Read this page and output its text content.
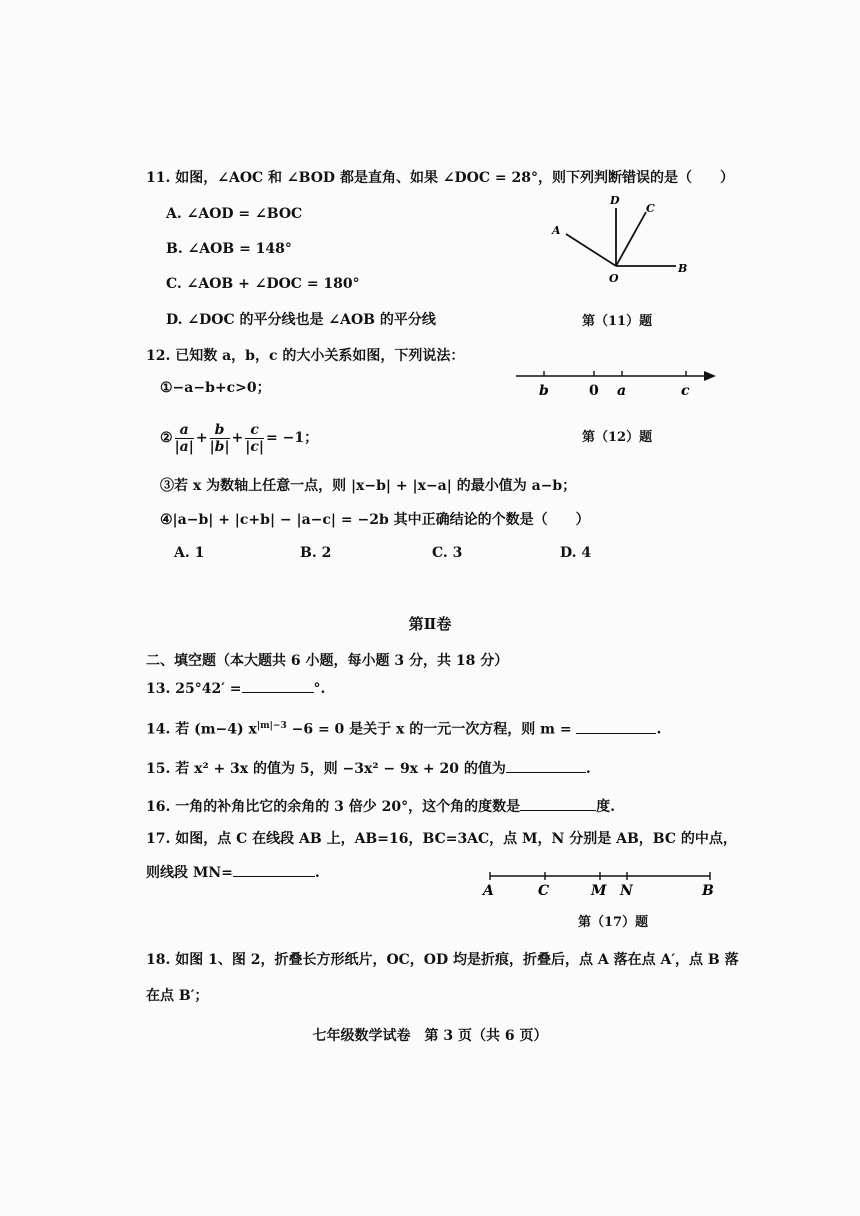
11. 如图，∠AOC 和 ∠BOD 都是直角、如果 ∠DOC = 28°，则下列判断错误的是（　　）
A. ∠AOD = ∠BOC
B. ∠AOB = 148°
C. ∠AOB + ∠DOC = 180°
D. ∠DOC 的平分线也是 ∠AOB 的平分线
D
C
A
O
B
第（11）题
12. 已知数 a，b，c 的大小关系如图，下列说法：
①−a−b+c>0；
② $\frac{a}{|a|} + \frac{b}{|b|} + \frac{c}{|c|} = -1$；
b	0 a	c
第（12）题
③若 x 为数轴上任意一点，则 |x−b| + |x−a| 的最小值为 a−b；
④|a−b| + |c+b| − |a−c| = −2b 其中正确结论的个数是（　　）
A. 1	B. 2	C. 3	D. 4
第Ⅱ卷
二、填空题（本大题共 6 小题，每小题 3 分，共 18 分）
13. 25°42′ =	°.
14. 若 (m−4) $x^{|m|-3} -6 = 0$ 是关于 x 的一元一次方程，则 m =	.
15. 若 x² + 3x 的值为 5，则 −3x² − 9x + 20 的值为	.
16. 一角的补角比它的余角的 3 倍少 20°，这个角的度数是	度.
17. 如图，点 C 在线段 AB 上，AB=16，BC=3AC，点 M，N 分别是 AB，BC 的中点，
则线段 MN=	.
A	C	M N	B
第（17）题
18. 如图 1、图 2，折叠长方形纸片，OC，OD 均是折痕，折叠后，点 A 落在点 A′，点 B 落
在点 B′；
七年级数学试卷　第 3 页（共 6 页）
